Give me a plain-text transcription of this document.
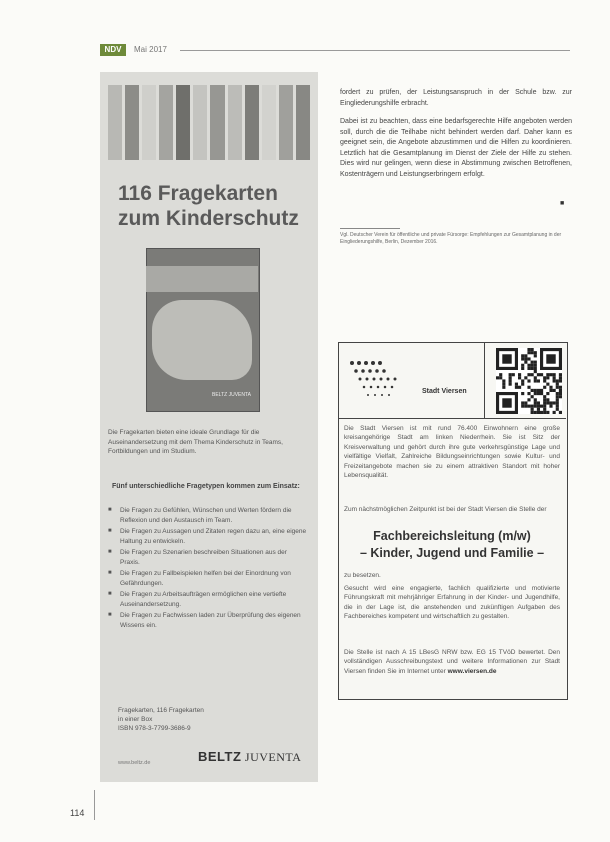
NDV	Mai 2017
116 Fragekarten
zum Kinderschutz
BELTZ JUVENTA
Die Fragekarten bieten eine ideale Grundlage für die Auseinandersetzung mit dem Thema Kinderschutz in Teams, Fortbildungen und im Studium.
Fünf unterschiedliche Fragetypen kommen zum Einsatz:
■ Die Fragen zu Gefühlen, Wünschen und Werten fördern die Reflexion und den Austausch im Team.
■ Die Fragen zu Aussagen und Zitaten regen dazu an, eine eigene Haltung zu entwickeln.
■ Die Fragen zu Szenarien beschreiben Situationen aus der Praxis.
■ Die Fragen zu Fallbeispielen helfen bei der Einordnung von Gefährdungen.
■ Die Fragen zu Arbeitsaufträgen ermöglichen eine vertiefte Auseinandersetzung.
■ Die Fragen zu Fachwissen laden zur Überprüfung des eigenen Wissens ein.
Fragekarten, 116 Fragekarten
in einer Box
ISBN 978-3-7799-3686-9
www.beltz.de	BELTZ JUVENTA

fordert zu prüfen, der Leistungsanspruch in der Schule bzw. zur Eingliederungshilfe erbracht.

Dabei ist zu beachten, dass eine bedarfsgerechte Hilfe angeboten werden soll, durch die die Teilhabe nicht behindert werden darf. Daher kann es geeignet sein, die Angebote abzustimmen und die Hilfen zu koordinieren. Letztlich hat die Gesamtplanung im Dienst der Ziele der Hilfe zu stehen. Dies wird nur gelingen, wenn diese in Abstimmung zwischen Betroffenen, Kostenträgern und Leistungserbringern erfolgt.

■
Vgl. Deutscher Verein für öffentliche und private Fürsorge: Empfehlungen zur Gesamtplanung in der Eingliederungshilfe, Berlin, Dezember 2016.
Stadt Viersen
Die Stadt Viersen ist mit rund 76.400 Einwohnern eine große kreisangehörige Stadt am linken Niederrhein. Sie ist Sitz der Kreisverwaltung und gehört durch ihre gute verkehrsgünstige Lage und vielfältige Vielfalt, Zahlreiche Bildungseinrichtungen sowie Kultur- und Freizeitangebote machen sie zu einem attraktiven Standort mit hoher Lebensqualität.
Zum nächstmöglichen Zeitpunkt ist bei der Stadt Viersen die Stelle der
Fachbereichsleitung (m/w)
– Kinder, Jugend und Familie –
zu besetzen.
Gesucht wird eine engagierte, fachlich qualifizierte und motivierte Führungskraft mit mehrjähriger Erfahrung in der Kinder- und Jugendhilfe, die in der Lage ist, die anstehenden und zukünftigen Aufgaben des Fachbereiches kompetent und wirtschaftlich zu gestalten.
Die Stelle ist nach A 15 LBesG NRW bzw. EG 15 TVöD bewertet. Den vollständigen Ausschreibungstext und weitere Informationen zur Stadt Viersen finden Sie im Internet unter www.viersen.de
114
